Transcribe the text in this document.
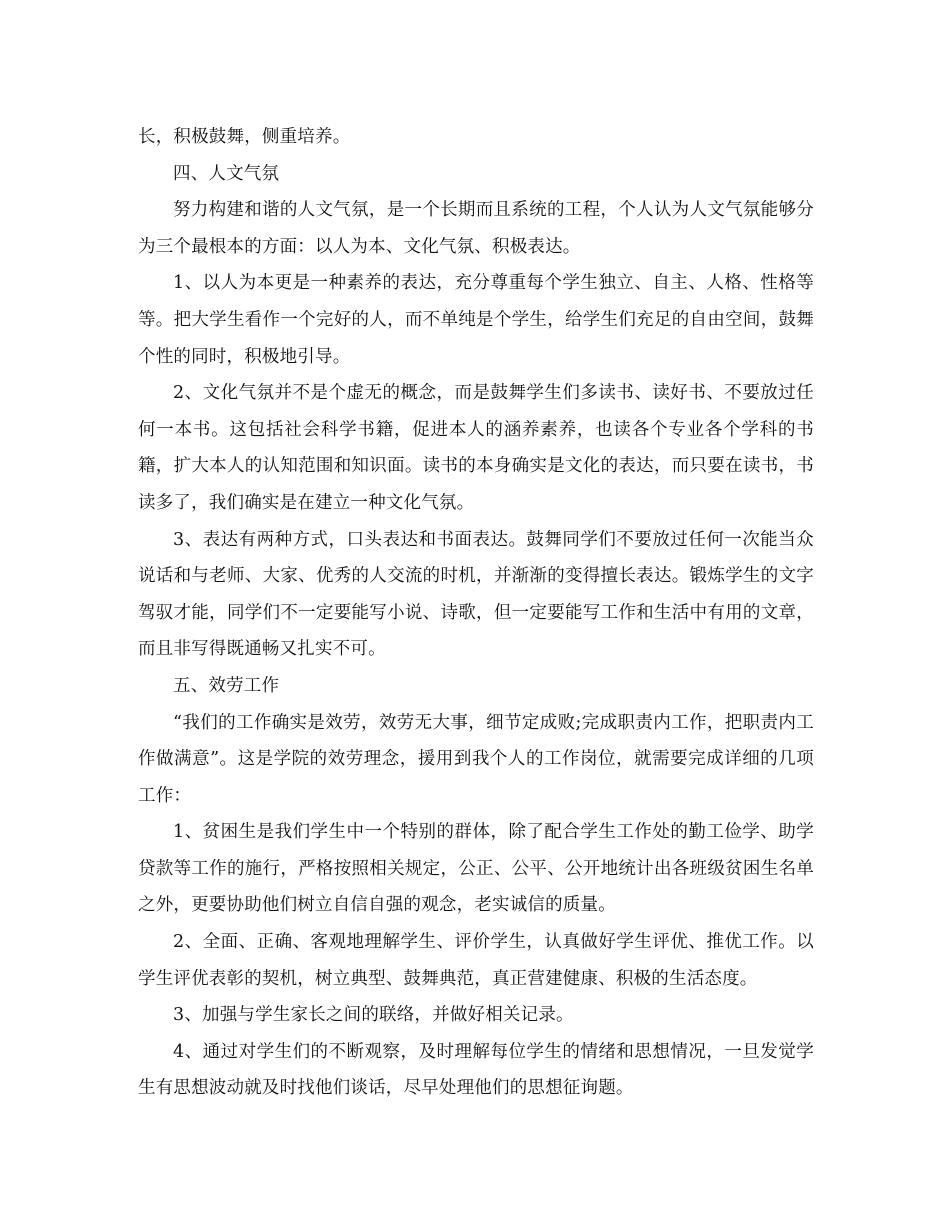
长，积极鼓舞，侧重培养。

四、人文气氛

努力构建和谐的人文气氛，是一个长期而且系统的工程，个人认为人文气氛能够分为三个最根本的方面：以人为本、文化气氛、积极表达。

1、以人为本更是一种素养的表达，充分尊重每个学生独立、自主、人格、性格等等。把大学生看作一个完好的人，而不单纯是个学生，给学生们充足的自由空间，鼓舞个性的同时，积极地引导。

2、文化气氛并不是个虚无的概念，而是鼓舞学生们多读书、读好书、不要放过任何一本书。这包括社会科学书籍，促进本人的涵养素养，也读各个专业各个学科的书籍，扩大本人的认知范围和知识面。读书的本身确实是文化的表达，而只要在读书，书读多了，我们确实是在建立一种文化气氛。

3、表达有两种方式，口头表达和书面表达。鼓舞同学们不要放过任何一次能当众说话和与老师、大家、优秀的人交流的时机，并渐渐的变得擅长表达。锻炼学生的文字驾驭才能，同学们不一定要能写小说、诗歌，但一定要能写工作和生活中有用的文章，而且非写得既通畅又扎实不可。

五、效劳工作

“我们的工作确实是效劳，效劳无大事，细节定成败;完成职责内工作，把职责内工作做满意”。这是学院的效劳理念，援用到我个人的工作岗位，就需要完成详细的几项工作：

1、贫困生是我们学生中一个特别的群体，除了配合学生工作处的勤工俭学、助学贷款等工作的施行，严格按照相关规定，公正、公平、公开地统计出各班级贫困生名单之外，更要协助他们树立自信自强的观念，老实诚信的质量。

2、全面、正确、客观地理解学生、评价学生，认真做好学生评优、推优工作。以学生评优表彰的契机，树立典型、鼓舞典范，真正营建健康、积极的生活态度。

3、加强与学生家长之间的联络，并做好相关记录。

4、通过对学生们的不断观察，及时理解每位学生的情绪和思想情况，一旦发觉学生有思想波动就及时找他们谈话，尽早处理他们的思想征询题。
